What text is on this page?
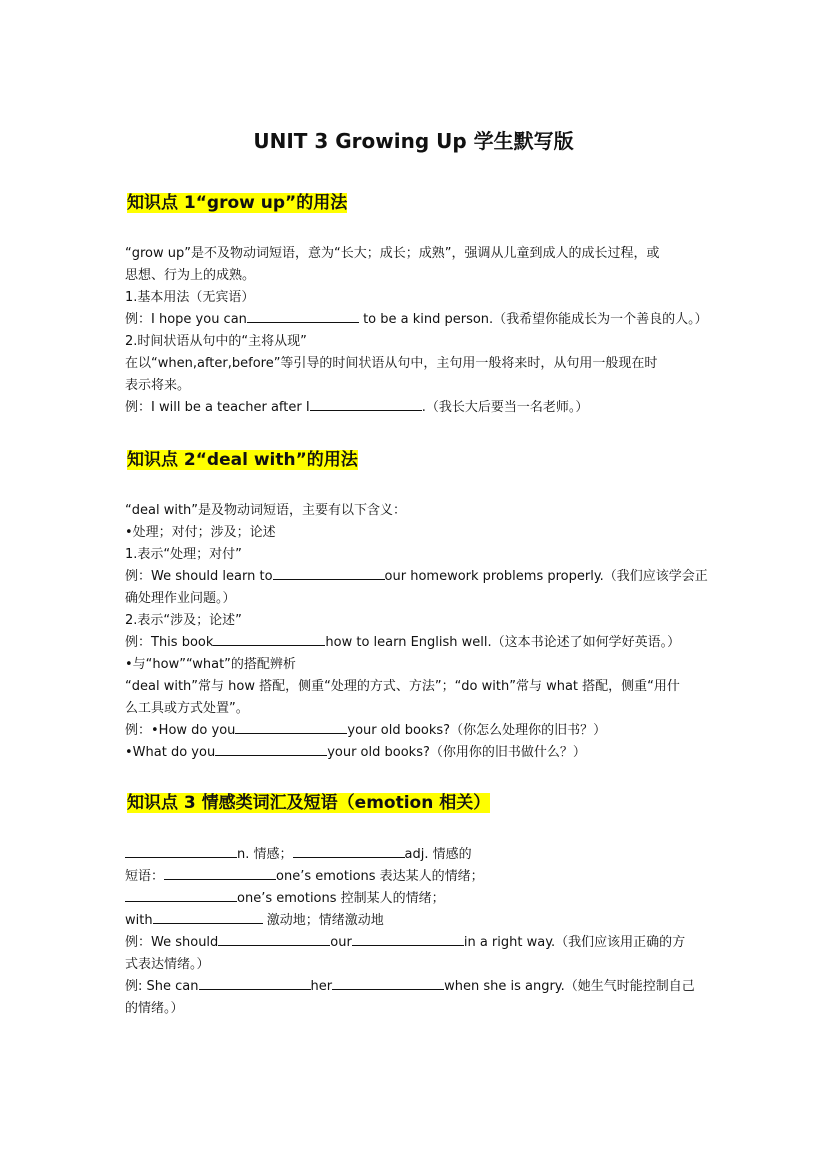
UNIT 3 Growing Up 学生默写版
知识点 1“grow up”的用法
“grow up”是不及物动词短语，意为“长大；成长；成熟”，强调从儿童到成人的成长过程，或
思想、行为上的成熟。
1.基本用法（无宾语）
例：I hope you can	to be a kind person.（我希望你能成长为一个善良的人。）
2.时间状语从句中的“主将从现”
在以“when,after,before”等引导的时间状语从句中，主句用一般将来时，从句用一般现在时
表示将来。
例：I will be a teacher after I	.（我长大后要当一名老师。）
知识点 2“deal with”的用法
“deal with”是及物动词短语，主要有以下含义：
•处理；对付；涉及；论述
1.表示“处理；对付”
例：We should learn to	our homework problems properly.（我们应该学会正
确处理作业问题。）
2.表示“涉及；论述”
例：This book	how to learn English well.（这本书论述了如何学好英语。）
•与“how”“what”的搭配辨析
“deal with”常与 how 搭配，侧重“处理的方式、方法”；“do with”常与 what 搭配，侧重“用什
么工具或方式处置”。
例：•How do you	your old books?（你怎么处理你的旧书？）
•What do you	your old books?（你用你的旧书做什么？）
知识点 3 情感类词汇及短语（emotion 相关）
n. 情感；	adj. 情感的
短语：	one’s emotions 表达某人的情绪；
one’s emotions 控制某人的情绪；
with	激动地；情绪激动地
例：We should	our	in a right way.（我们应该用正确的方
式表达情绪。）
例: She can	her	when she is angry.（她生气时能控制自己
的情绪。）
